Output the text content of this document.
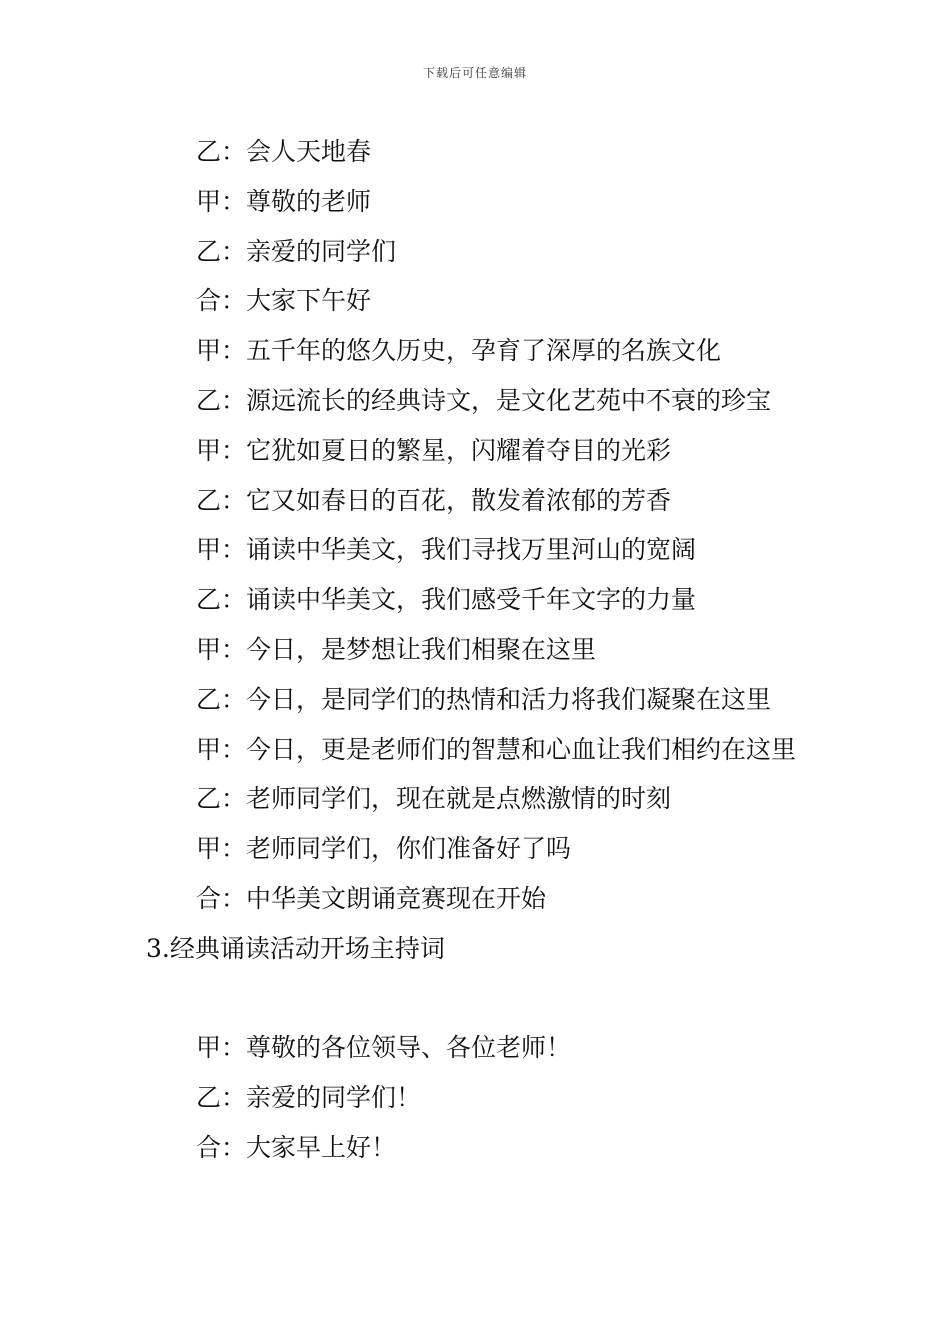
下载后可任意编辑

乙：会人天地春

甲：尊敬的老师

乙：亲爱的同学们

合：大家下午好

甲：五千年的悠久历史，孕育了深厚的名族文化

乙：源远流长的经典诗文，是文化艺苑中不衰的珍宝

甲：它犹如夏日的繁星，闪耀着夺目的光彩

乙：它又如春日的百花，散发着浓郁的芳香

甲：诵读中华美文，我们寻找万里河山的宽阔

乙：诵读中华美文，我们感受千年文字的力量

甲：今日，是梦想让我们相聚在这里

乙：今日，是同学们的热情和活力将我们凝聚在这里

甲：今日，更是老师们的智慧和心血让我们相约在这里

乙：老师同学们，现在就是点燃激情的时刻

甲：老师同学们，你们准备好了吗

合：中华美文朗诵竞赛现在开始

3.经典诵读活动开场主持词

甲：尊敬的各位领导、各位老师！

乙：亲爱的同学们！

合：大家早上好！
